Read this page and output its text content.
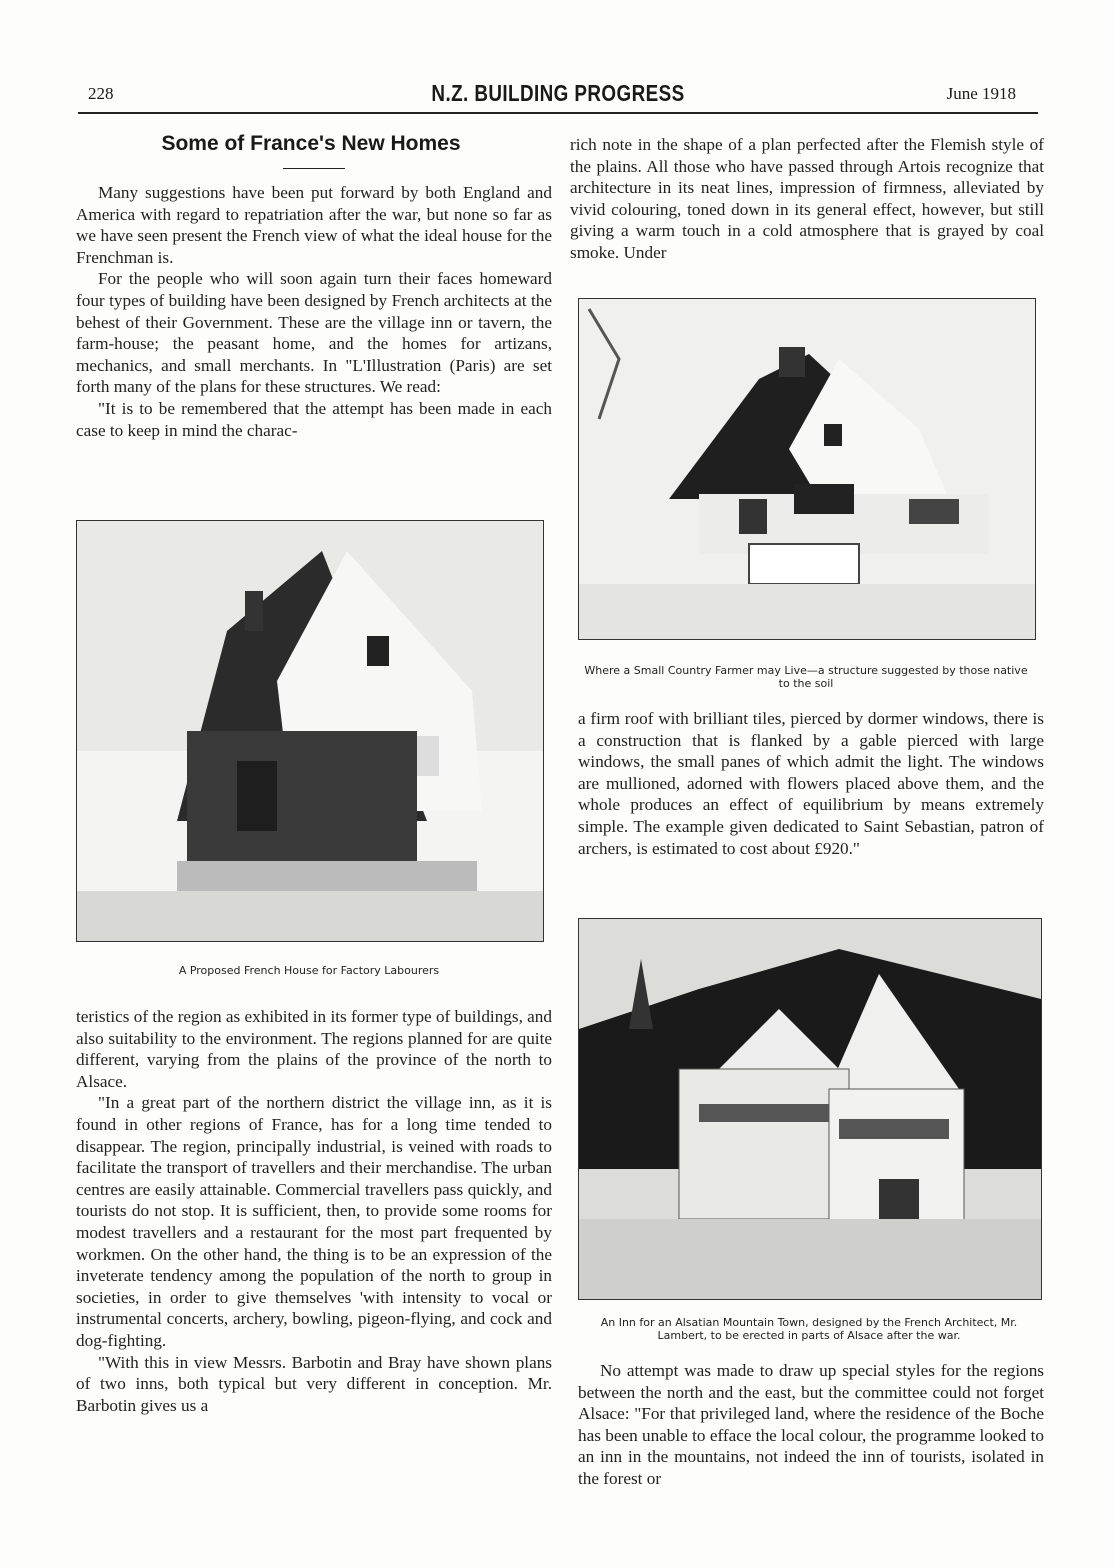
228	N.Z. BUILDING PROGRESS	June 1918
Some of France's New Homes

Many suggestions have been put forward by both England and America with regard to repatriation after the war, but none so far as we have seen present the French view of what the ideal house for the Frenchman is.

For the people who will soon again turn their faces homeward four types of building have been designed by French architects at the behest of their Government. These are the village inn or tavern, the farm-house; the peasant home, and the homes for artizans, mechanics, and small merchants. In "L'Illustration (Paris) are set forth many of the plans for these structures. We read:

"It is to be remembered that the attempt has been made in each case to keep in mind the charac-

A Proposed French House for Factory Labourers

teristics of the region as exhibited in its former type of buildings, and also suitability to the environment. The regions planned for are quite different, varying from the plains of the province of the north to Alsace.

"In a great part of the northern district the village inn, as it is found in other regions of France, has for a long time tended to disappear. The region, principally industrial, is veined with roads to facilitate the transport of travellers and their merchandise. The urban centres are easily attainable. Commercial travellers pass quickly, and tourists do not stop. It is sufficient, then, to provide some rooms for modest travellers and a restaurant for the most part frequented by workmen. On the other hand, the thing is to be an expression of the inveterate tendency among the population of the north to group in societies, in order to give themselves 'with intensity to vocal or instrumental concerts, archery, bowling, pigeon-flying, and cock and dog-fighting.

"With this in view Messrs. Barbotin and Bray have shown plans of two inns, both typical but very different in conception. Mr. Barbotin gives us a

rich note in the shape of a plan perfected after the Flemish style of the plains. All those who have passed through Artois recognize that architecture in its neat lines, impression of firmness, alleviated by vivid colouring, toned down in its general effect, however, but still giving a warm touch in a cold atmosphere that is grayed by coal smoke. Under

Where a Small Country Farmer may Live—a structure suggested by those native to the soil

a firm roof with brilliant tiles, pierced by dormer windows, there is a construction that is flanked by a gable pierced with large windows, the small panes of which admit the light. The windows are mullioned, adorned with flowers placed above them, and the whole produces an effect of equilibrium by means extremely simple. The example given dedicated to Saint Sebastian, patron of archers, is estimated to cost about £920."

An Inn for an Alsatian Mountain Town, designed by the French Architect, Mr. Lambert, to be erected in parts of Alsace after the war.

No attempt was made to draw up special styles for the regions between the north and the east, but the committee could not forget Alsace: "For that privileged land, where the residence of the Boche has been unable to efface the local colour, the programme looked to an inn in the mountains, not indeed the inn of tourists, isolated in the forest or
